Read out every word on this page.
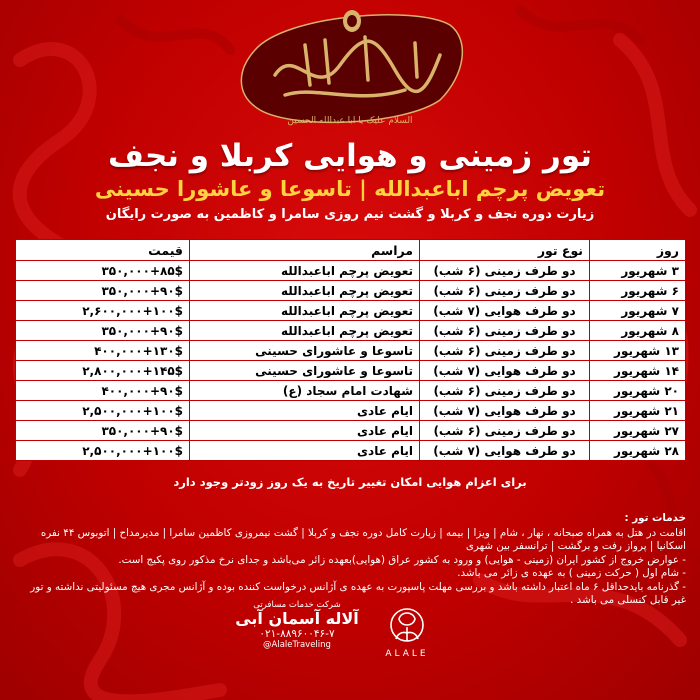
السلام علیک یا ابا عبدالله الحسین
تور زمینی و هوایی کربلا و نجف
تعویض پرچم اباعبدالله | تاسوعا و عاشورا حسینی

زیارت دوره نجف و کربلا و گشت نیم روزی سامرا و کاظمین به صورت رایگان

روز	نوع تور	مراسم	قیمت
۳ شهریور	دو طرف زمینی (۶ شب)	تعویض پرچم اباعبدالله	۳۵۰,۰۰۰+۸۵$
۶ شهریور	دو طرف زمینی (۶ شب)	تعویض پرچم اباعبدالله	۳۵۰,۰۰۰+۹۰$
۷ شهریور	دو طرف هوایی (۷ شب)	تعویض پرچم اباعبدالله	۲,۶۰۰,۰۰۰+۱۰۰$
۸ شهریور	دو طرف زمینی (۶ شب)	تعویض پرچم اباعبدالله	۳۵۰,۰۰۰+۹۰$
۱۳ شهریور	دو طرف زمینی (۶ شب)	تاسوعا و عاشورای حسینی	۴۰۰,۰۰۰+۱۳۰$
۱۴ شهریور	دو طرف هوایی (۷ شب)	تاسوعا و عاشورای حسینی	۲,۸۰۰,۰۰۰+۱۴۵$
۲۰ شهریور	دو طرف زمینی (۶ شب)	شهادت امام سجاد (ع)	۴۰۰,۰۰۰+۹۰$
۲۱ شهریور	دو طرف هوایی (۷ شب)	ایام عادی	۲,۵۰۰,۰۰۰+۱۰۰$
۲۷ شهریور	دو طرف زمینی (۶ شب)	ایام عادی	۳۵۰,۰۰۰+۹۰$
۲۸ شهریور	دو طرف هوایی (۷ شب)	ایام عادی	۲,۵۰۰,۰۰۰+۱۰۰$

برای اعزام هوایی امکان تغییر تاریخ به یک روز زودتر وجود دارد

خدمات تور :

اقامت در هتل به همراه صبحانه ، نهار ، شام | ویزا | بیمه | زیارت کامل دوره نجف و کربلا | گشت نیمروزی کاظمین سامرا | مدیرمداح | اتوبوس ۴۴ نفره اسکانیا | پرواز رفت و برگشت | ترانسفر بین شهری

- عوارض خروج از کشور ایران (زمینی - هوایی) و ورود به کشور عراق (هوایی)بعهده زائر می‌باشد و جدای نرخ مذکور روی پکیج است.

- شام اول ( حرکت زمینی ) به عهده ی زائر می باشد.

- گذرنامه بایدحداقل ۶ ماه اعتبار داشته باشد و بررسی مهلت پاسپورت به عهده ی آژانس درخواست کننده بوده و آژانس مجری هیچ مسئولیتی نداشته و تور غیر قابل کنسلی می باشد .

شرکت خدمات مسافرتی
آلاله آسمان آبی
۰۲۱-۸۸۹۶۰۰۴۶-۷
@AlaleTraveling
ALALE
